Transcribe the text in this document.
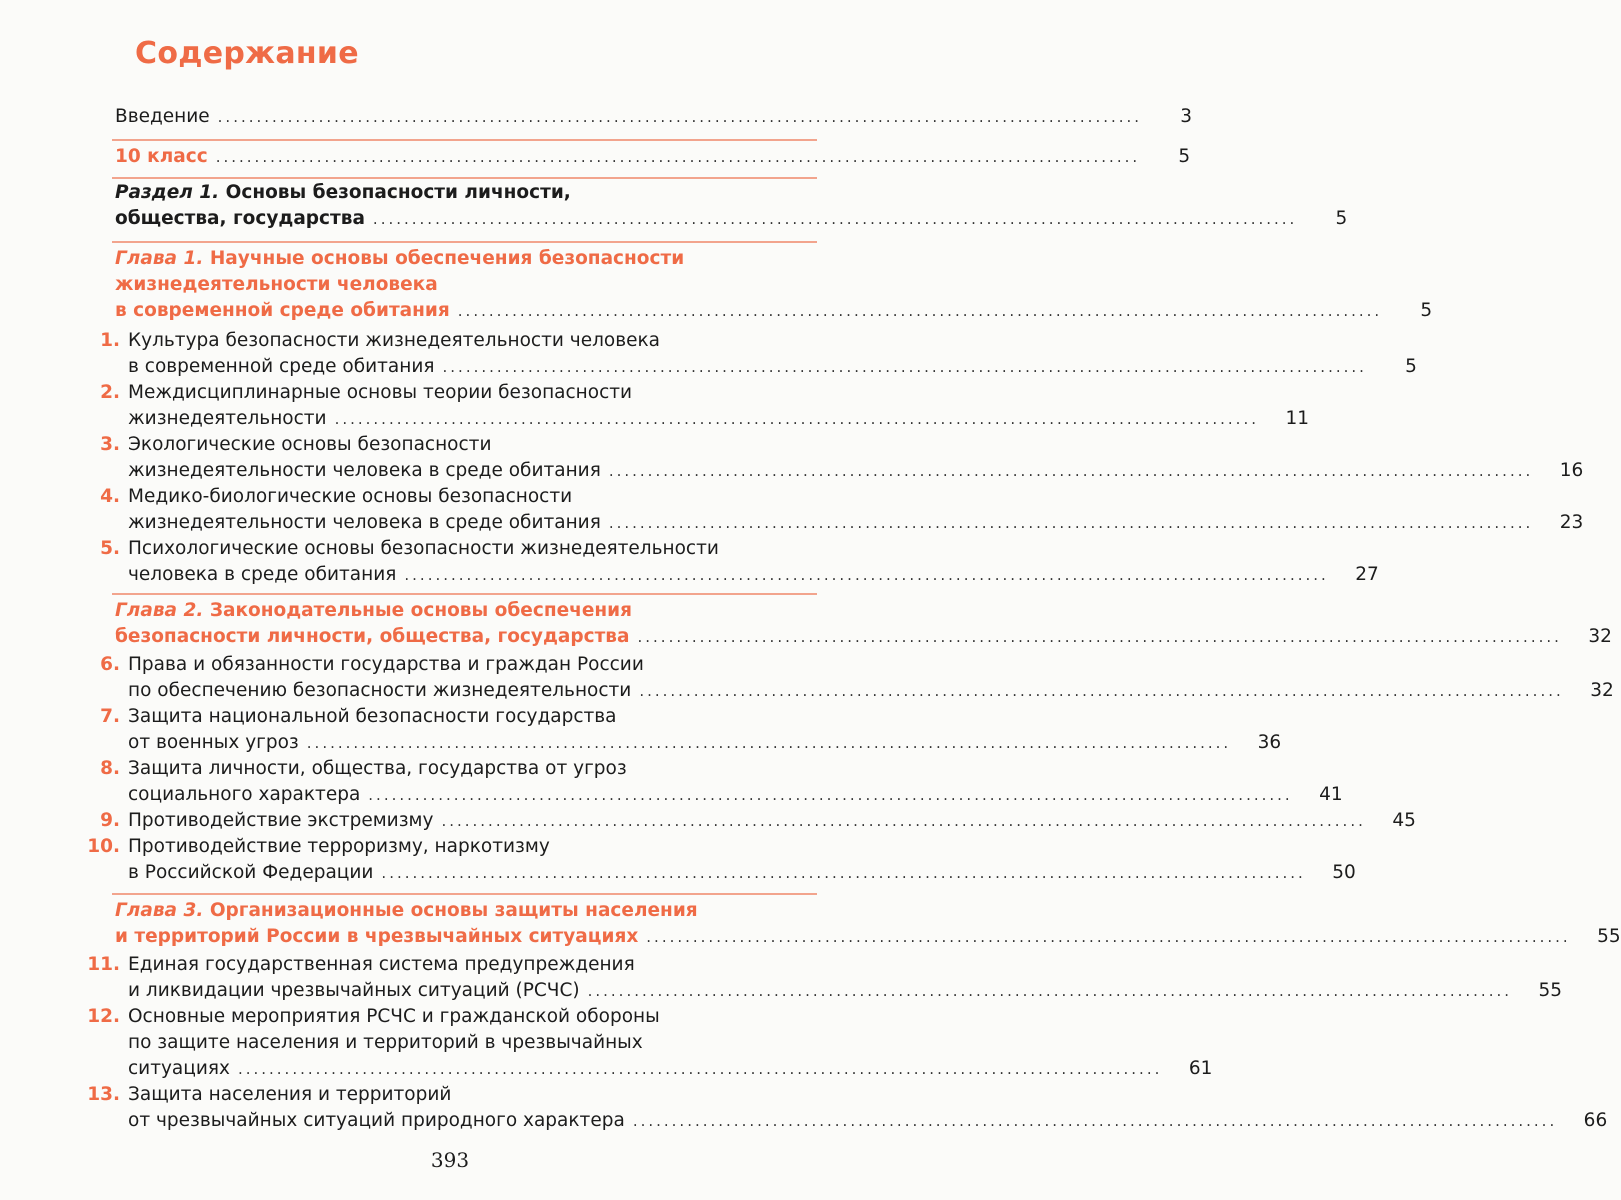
Содержание
Введение .......................................................................................................................	3
10 класс .......................................................................................................................	5
Раздел 1. Основы безопасности личности,
общества, государства .......................................................................................................................	5
Глава 1. Научные основы обеспечения безопасности
жизнедеятельности человека
в современной среде обитания .......................................................................................................................	5
1. Культура безопасности жизнедеятельности человека
в современной среде обитания .......................................................................................................................	5
2. Междисциплинарные основы теории безопасности
жизнедеятельности .......................................................................................................................	11
3. Экологические основы безопасности
жизнедеятельности человека в среде обитания .......................................................................................................................	16
4. Медико-биологические основы безопасности
жизнедеятельности человека в среде обитания .......................................................................................................................	23
5. Психологические основы безопасности жизнедеятельности
человека в среде обитания .......................................................................................................................	27
Глава 2. Законодательные основы обеспечения
безопасности личности, общества, государства .......................................................................................................................	32
6. Права и обязанности государства и граждан России
по обеспечению безопасности жизнедеятельности .......................................................................................................................	32
7. Защита национальной безопасности государства
от военных угроз .......................................................................................................................	36
8. Защита личности, общества, государства от угроз
социального характера .......................................................................................................................	41
9. Противодействие экстремизму .......................................................................................................................	45
10. Противодействие терроризму, наркотизму
в Российской Федерации .......................................................................................................................	50
Глава 3. Организационные основы защиты населения
и территорий России в чрезвычайных ситуациях .......................................................................................................................	55
11. Единая государственная система предупреждения
и ликвидации чрезвычайных ситуаций (РСЧС) .......................................................................................................................	55
12. Основные мероприятия РСЧС и гражданской обороны
по защите населения и территорий в чрезвычайных
ситуациях .......................................................................................................................	61
13. Защита населения и территорий
от чрезвычайных ситуаций природного характера .......................................................................................................................	66
393
